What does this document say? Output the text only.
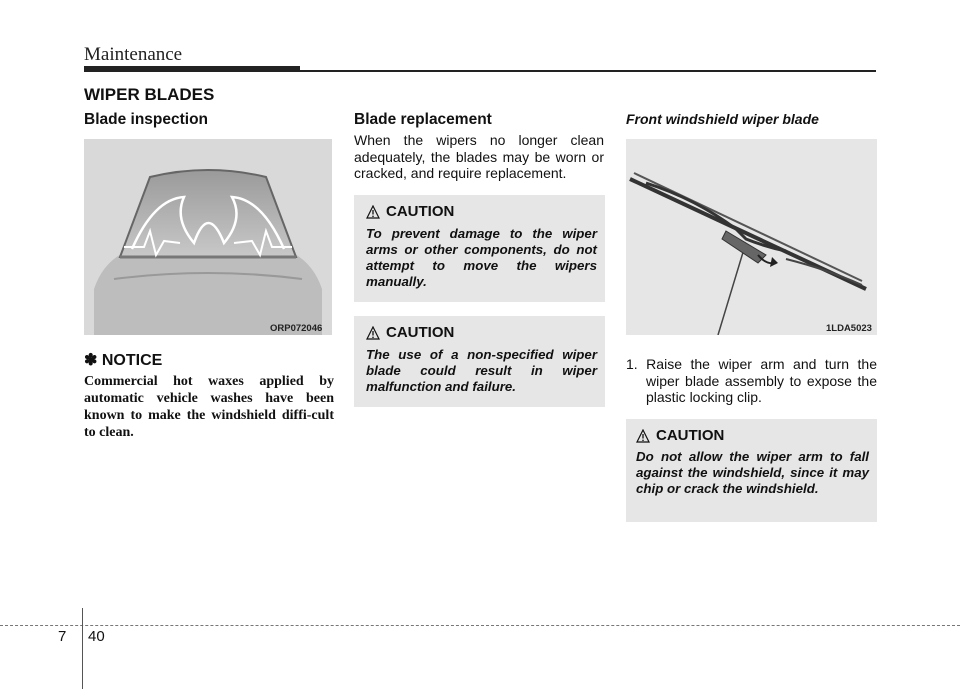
Maintenance
WIPER BLADES
Blade inspection
ORP072046
✽ NOTICE
Commercial hot waxes applied by automatic vehicle washes have been known to make the windshield diffi-cult to clean.
Blade replacement
When the wipers no longer clean adequately, the blades may be worn or cracked, and require replacement.
CAUTION
To prevent damage to the wiper arms or other components, do not attempt to move the wipers manually.
CAUTION
The use of a non-specified wiper blade could result in wiper malfunction and failure.
Front windshield wiper blade
1LDA5023
1. Raise the wiper arm and turn the wiper blade assembly to expose the plastic locking clip.
CAUTION
Do not allow the wiper arm to fall against the windshield, since it may chip or crack the windshield.
7 40
